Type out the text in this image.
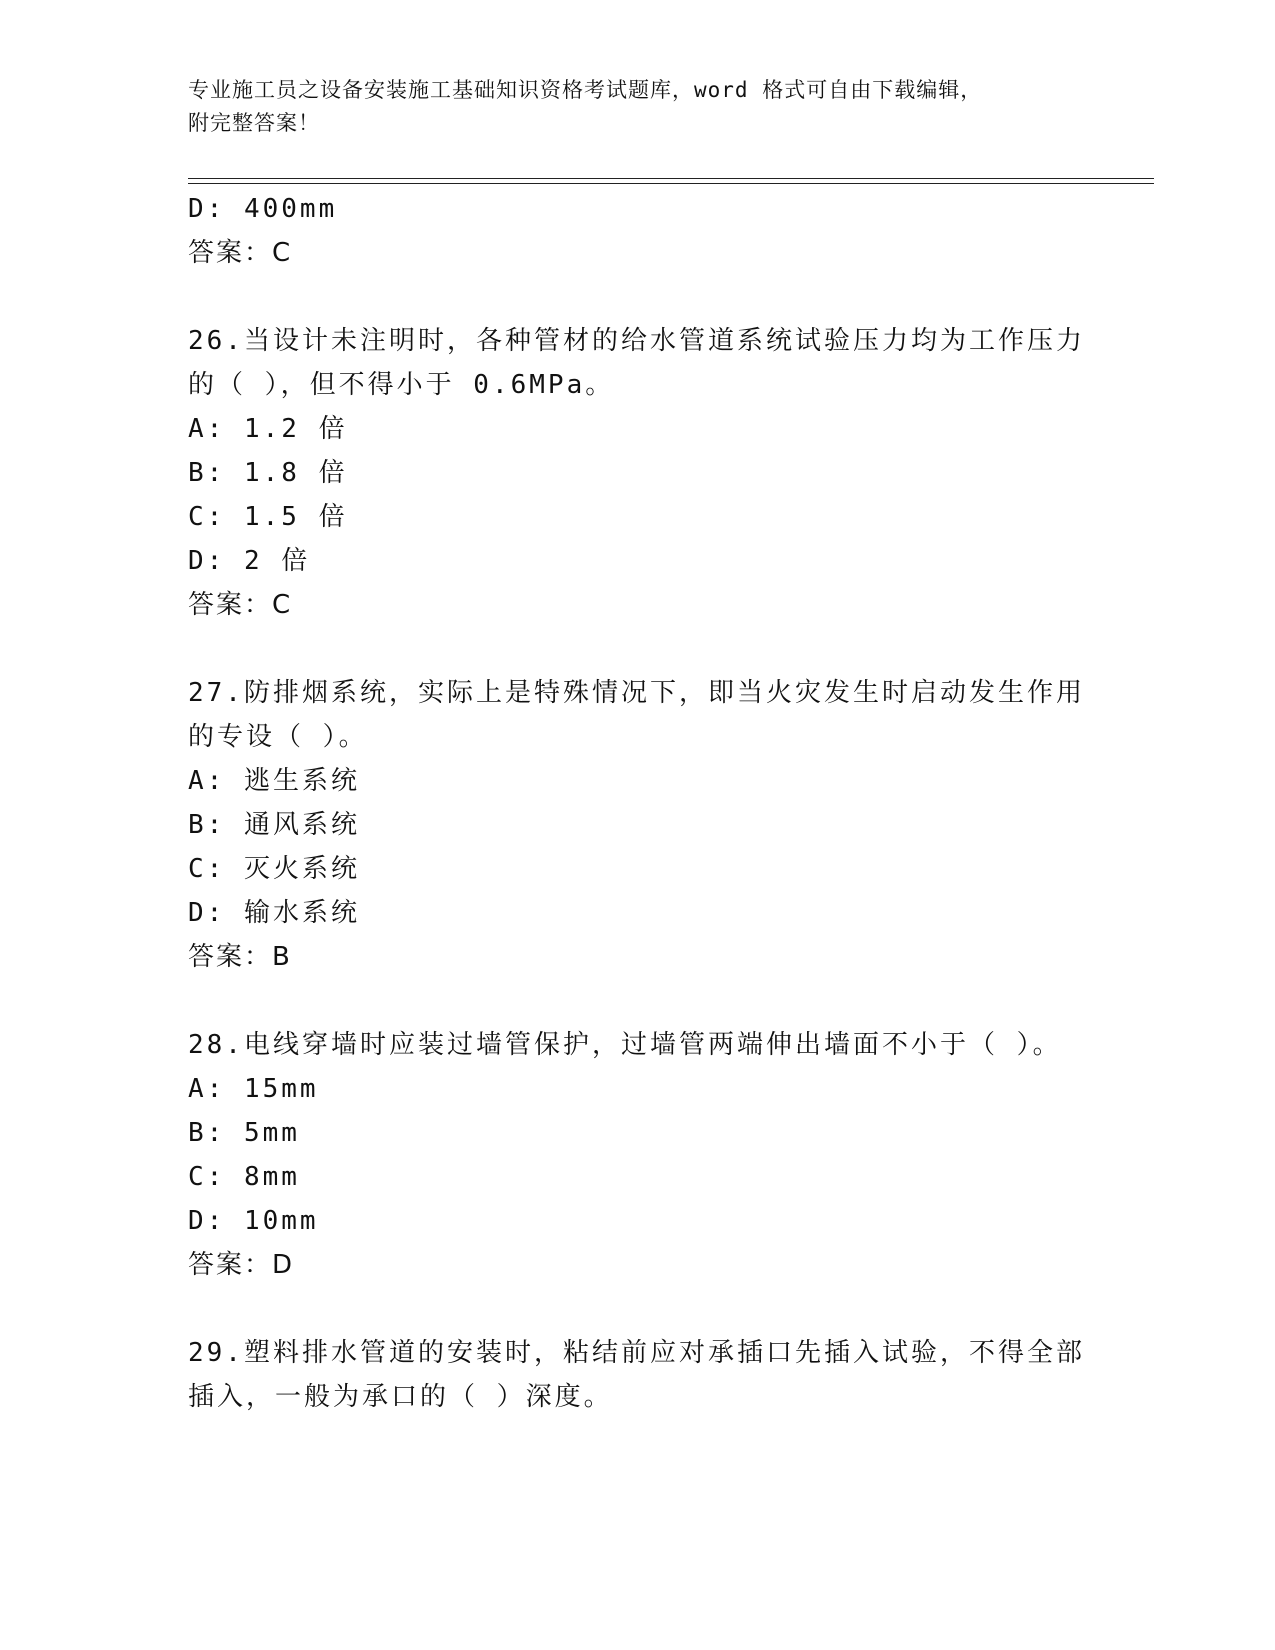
专业施工员之设备安装施工基础知识资格考试题库，word 格式可自由下载编辑，
附完整答案！
D: 400mm
答案：C
26.当设计未注明时，各种管材的给水管道系统试验压力均为工作压力
的（ ），但不得小于 0.6MPa。
A: 1.2 倍
B: 1.8 倍
C: 1.5 倍
D: 2 倍
答案：C
27.防排烟系统，实际上是特殊情况下，即当火灾发生时启动发生作用
的专设（ ）。
A: 逃生系统
B: 通风系统
C: 灭火系统
D: 输水系统
答案：B
28.电线穿墙时应装过墙管保护，过墙管两端伸出墙面不小于（ ）。
A: 15mm
B: 5mm
C: 8mm
D: 10mm
答案：D
29.塑料排水管道的安装时，粘结前应对承插口先插入试验，不得全部
插入，一般为承口的（ ）深度。
